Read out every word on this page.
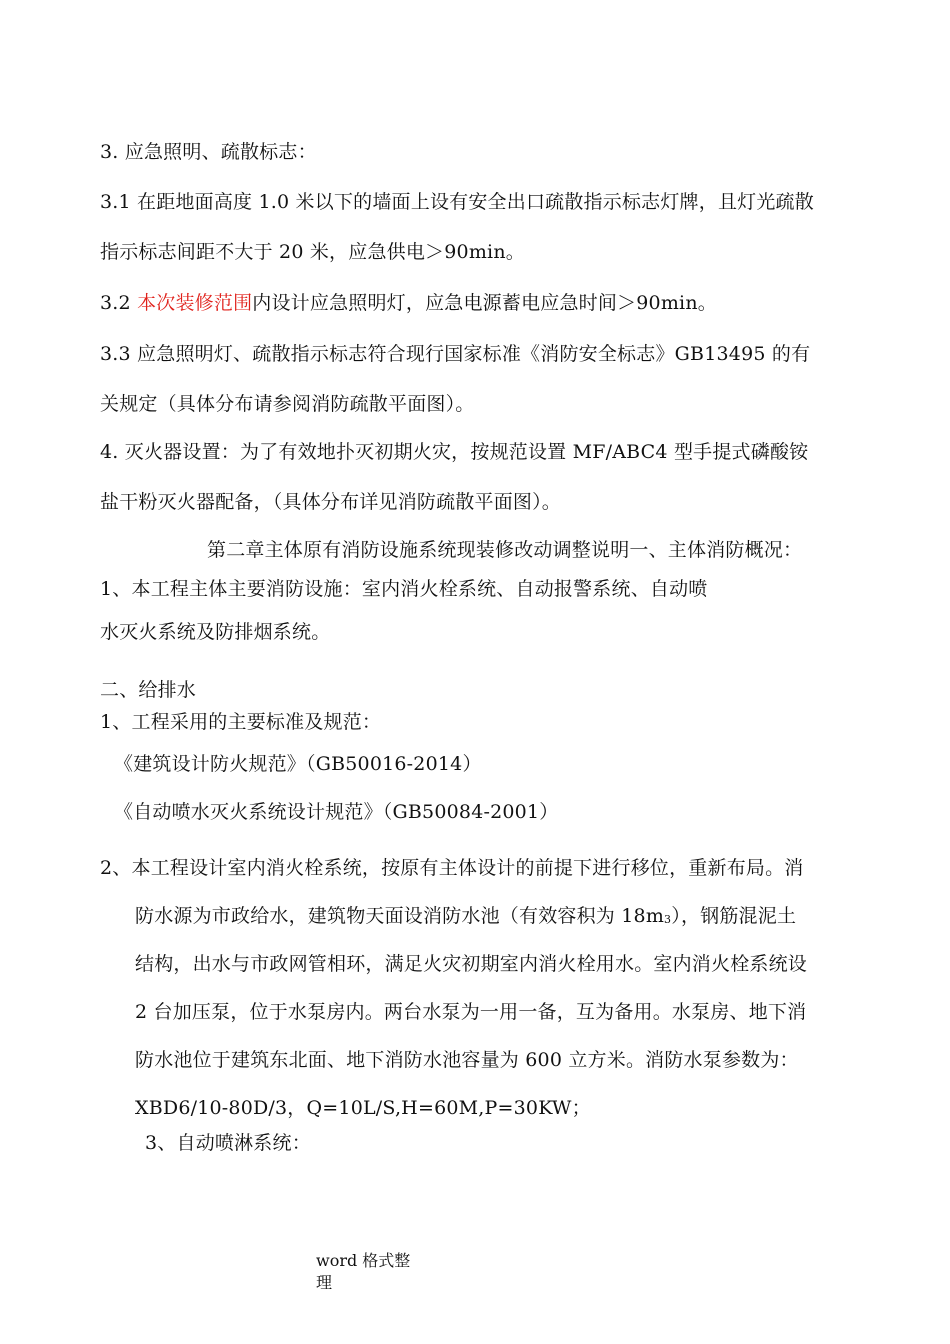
3. 应急照明、疏散标志：
3.1 在距地面高度 1.0 米以下的墙面上设有安全出口疏散指示标志灯牌，且灯光疏散
指示标志间距不大于 20 米，应急供电＞90min。
3.2 本次装修范围内设计应急照明灯，应急电源蓄电应急时间＞90min。
3.3 应急照明灯、疏散指示标志符合现行国家标准《消防安全标志》GB13495 的有
关规定（具体分布请参阅消防疏散平面图）。
4. 灭火器设置：为了有效地扑灭初期火灾，按规范设置 MF/ABC4 型手提式磷酸铵
盐干粉灭火器配备，（具体分布详见消防疏散平面图）。
第二章主体原有消防设施系统现装修改动调整说明一、主体消防概况：
1、本工程主体主要消防设施：室内消火栓系统、自动报警系统、自动喷
水灭火系统及防排烟系统。
二、给排水
1、工程采用的主要标准及规范：
《建筑设计防火规范》（GB50016-2014）
《自动喷水灭火系统设计规范》（GB50084-2001）
2、本工程设计室内消火栓系统，按原有主体设计的前提下进行移位，重新布局。消
防水源为市政给水，建筑物天面设消防水池（有效容积为 18m3），钢筋混泥土
结构，出水与市政网管相环，满足火灾初期室内消火栓用水。室内消火栓系统设
2 台加压泵，位于水泵房内。两台水泵为一用一备，互为备用。水泵房、地下消
防水池位于建筑东北面、地下消防水池容量为 600 立方米。消防水泵参数为：
XBD6/10-80D/3，Q=10L/S,H=60M,P=30KW；
3、自动喷淋系统：
word 格式整理
